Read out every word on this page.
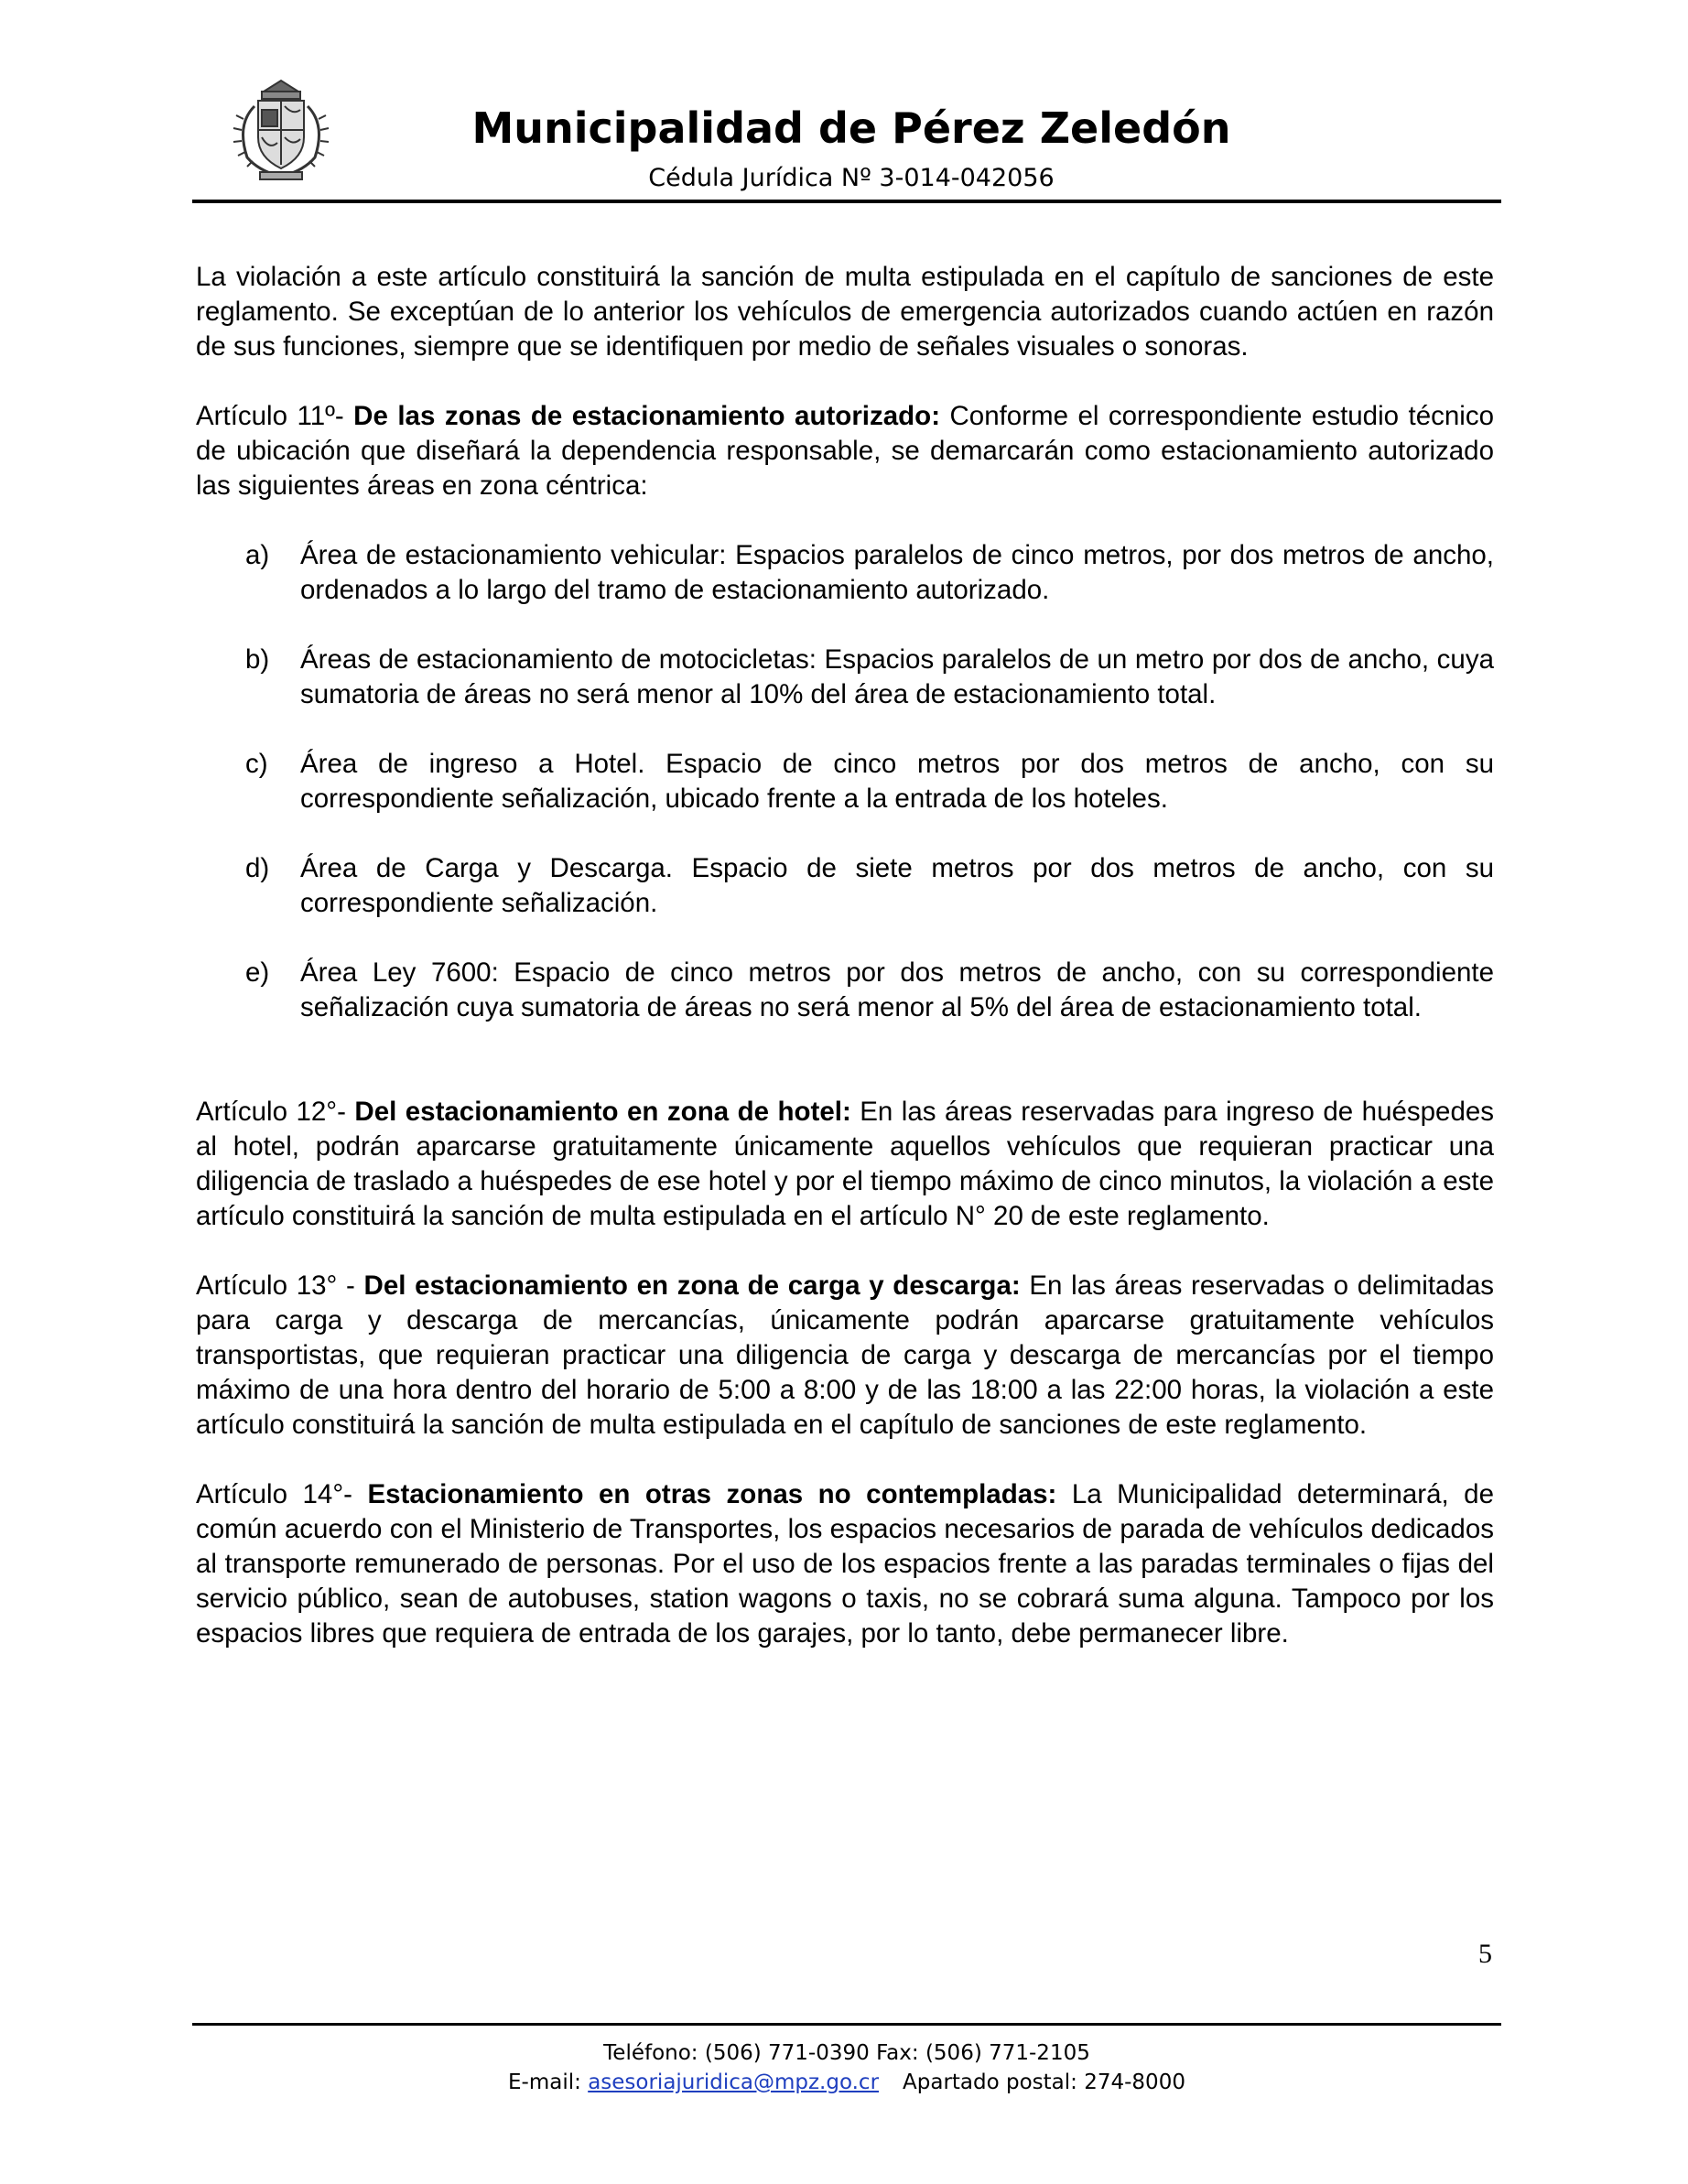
Municipalidad de Pérez Zeledón
Cédula Jurídica Nº 3-014-042056

La violación a este artículo constituirá la sanción de multa estipulada en el capítulo de sanciones de este reglamento. Se exceptúan de lo anterior los vehículos de emergencia autorizados cuando actúen en razón de sus funciones, siempre que se identifiquen por medio de señales visuales o sonoras.

Artículo 11º- De las zonas de estacionamiento autorizado: Conforme el correspondiente estudio técnico de ubicación que diseñará la dependencia responsable, se demarcarán como estacionamiento autorizado las siguientes áreas en zona céntrica:

a) Área de estacionamiento vehicular: Espacios paralelos de cinco metros, por dos metros de ancho, ordenados a lo largo del tramo de estacionamiento autorizado.
b) Áreas de estacionamiento de motocicletas: Espacios paralelos de un metro por dos de ancho, cuya sumatoria de áreas no será menor al 10% del área de estacionamiento total.
c) Área de ingreso a Hotel. Espacio de cinco metros por dos metros de ancho, con su correspondiente señalización, ubicado frente a la entrada de los hoteles.
d) Área de Carga y Descarga. Espacio de siete metros por dos metros de ancho, con su correspondiente señalización.
e) Área Ley 7600: Espacio de cinco metros por dos metros de ancho, con su correspondiente señalización cuya sumatoria de áreas no será menor al 5% del área de estacionamiento total.

Artículo 12°- Del estacionamiento en zona de hotel: En las áreas reservadas para ingreso de huéspedes al hotel, podrán aparcarse gratuitamente únicamente aquellos vehículos que requieran practicar una diligencia de traslado a huéspedes de ese hotel y por el tiempo máximo de cinco minutos, la violación a este artículo constituirá la sanción de multa estipulada en el artículo N° 20 de este reglamento.

Artículo 13° - Del estacionamiento en zona de carga y descarga: En las áreas reservadas o delimitadas para carga y descarga de mercancías, únicamente podrán aparcarse gratuitamente vehículos transportistas, que requieran practicar una diligencia de carga y descarga de mercancías por el tiempo máximo de una hora dentro del horario de 5:00 a 8:00 y de las 18:00 a las 22:00 horas, la violación a este artículo constituirá la sanción de multa estipulada en el capítulo de sanciones de este reglamento.

Artículo 14°- Estacionamiento en otras zonas no contempladas: La Municipalidad determinará, de común acuerdo con el Ministerio de Transportes, los espacios necesarios de parada de vehículos dedicados al transporte remunerado de personas. Por el uso de los espacios frente a las paradas terminales o fijas del servicio público, sean de autobuses, station wagons o taxis, no se cobrará suma alguna. Tampoco por los espacios libres que requiera de entrada de los garajes, por lo tanto, debe permanecer libre.

5
Teléfono: (506) 771-0390 Fax: (506) 771-2105
E-mail: asesoriajuridica@mpz.go.cr Apartado postal: 274-8000
